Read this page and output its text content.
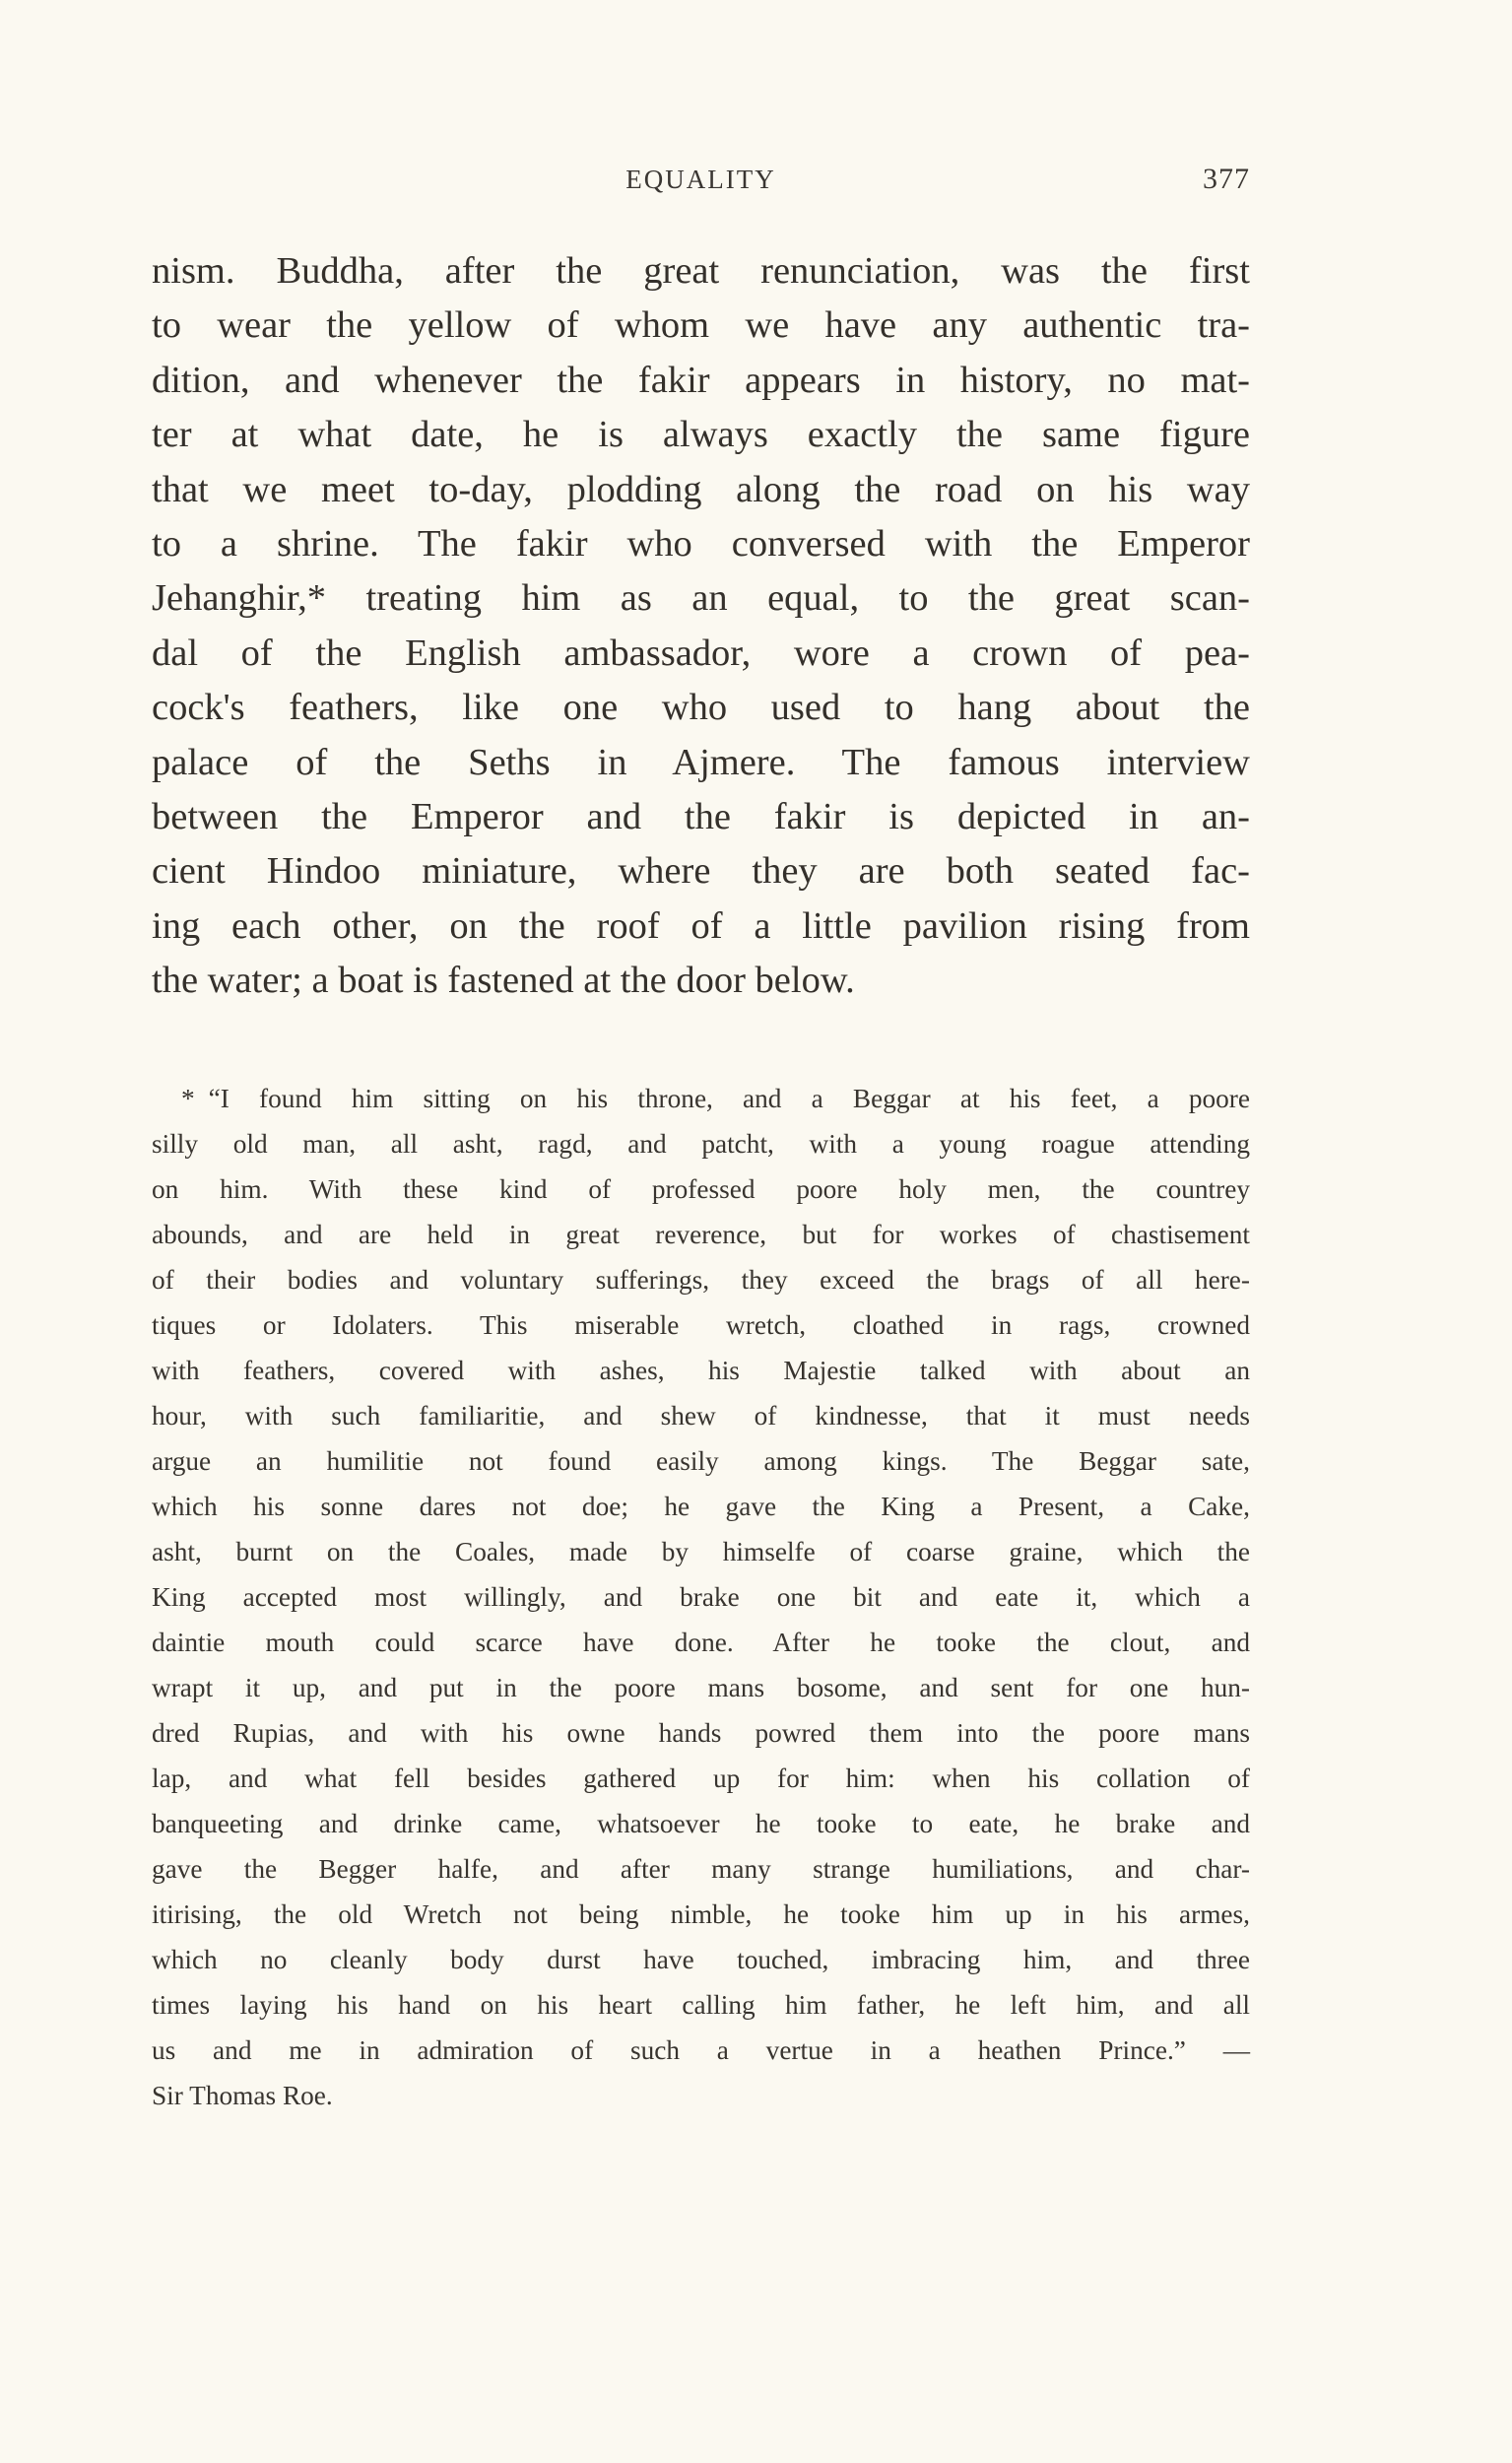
EQUALITY	377
nism. Buddha, after the great renunciation, was the first
to wear the yellow of whom we have any authentic tra-
dition, and whenever the fakir appears in history, no mat-
ter at what date, he is always exactly the same figure
that we meet to-day, plodding along the road on his way
to a shrine. The fakir who conversed with the Emperor
Jehanghir,* treating him as an equal, to the great scan-
dal of the English ambassador, wore a crown of pea-
cock's feathers, like one who used to hang about the
palace of the Seths in Ajmere. The famous interview
between the Emperor and the fakir is depicted in an-
cient Hindoo miniature, where they are both seated fac-
ing each other, on the roof of a little pavilion rising from
the water; a boat is fastened at the door below.
* “I found him sitting on his throne, and a Beggar at his feet, a poore
silly old man, all asht, ragd, and patcht, with a young roague attending
on him. With these kind of professed poore holy men, the countrey
abounds, and are held in great reverence, but for workes of chastisement
of their bodies and voluntary sufferings, they exceed the brags of all here-
tiques or Idolaters. This miserable wretch, cloathed in rags, crowned
with feathers, covered with ashes, his Majestie talked with about an
hour, with such familiaritie, and shew of kindnesse, that it must needs
argue an humilitie not found easily among kings. The Beggar sate,
which his sonne dares not doe; he gave the King a Present, a Cake,
asht, burnt on the Coales, made by himselfe of coarse graine, which the
King accepted most willingly, and brake one bit and eate it, which a
daintie mouth could scarce have done. After he tooke the clout, and
wrapt it up, and put in the poore mans bosome, and sent for one hun-
dred Rupias, and with his owne hands powred them into the poore mans
lap, and what fell besides gathered up for him: when his collation of
banqueeting and drinke came, whatsoever he tooke to eate, he brake and
gave the Begger halfe, and after many strange humiliations, and char-
itirising, the old Wretch not being nimble, he tooke him up in his armes,
which no cleanly body durst have touched, imbracing him, and three
times laying his hand on his heart calling him father, he left him, and all
us and me in admiration of such a vertue in a heathen Prince.” —
Sir Thomas Roe.
